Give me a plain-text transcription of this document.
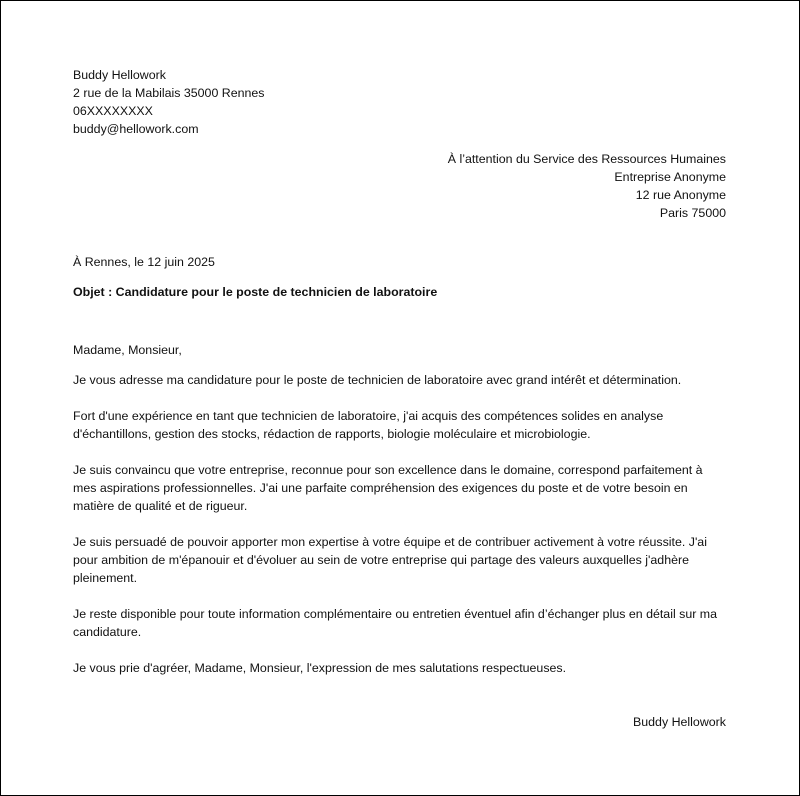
Buddy Hellowork
2 rue de la Mabilais 35000 Rennes
06XXXXXXXX
buddy@hellowork.com
À l’attention du Service des Ressources Humaines
Entreprise Anonyme
12 rue Anonyme
Paris 75000
À Rennes, le 12 juin 2025
Objet : Candidature pour le poste de technicien de laboratoire
Madame, Monsieur,
Je vous adresse ma candidature pour le poste de technicien de laboratoire avec grand intérêt et détermination.
Fort d'une expérience en tant que technicien de laboratoire, j'ai acquis des compétences solides en analyse d'échantillons, gestion des stocks, rédaction de rapports, biologie moléculaire et microbiologie.
Je suis convaincu que votre entreprise, reconnue pour son excellence dans le domaine, correspond parfaitement à mes aspirations professionnelles. J'ai une parfaite compréhension des exigences du poste et de votre besoin en matière de qualité et de rigueur.
Je suis persuadé de pouvoir apporter mon expertise à votre équipe et de contribuer activement à votre réussite. J'ai pour ambition de m'épanouir et d'évoluer au sein de votre entreprise qui partage des valeurs auxquelles j'adhère pleinement.
Je reste disponible pour toute information complémentaire ou entretien éventuel afin d’échanger plus en détail sur ma candidature.
Je vous prie d'agréer, Madame, Monsieur, l'expression de mes salutations respectueuses.
Buddy Hellowork
